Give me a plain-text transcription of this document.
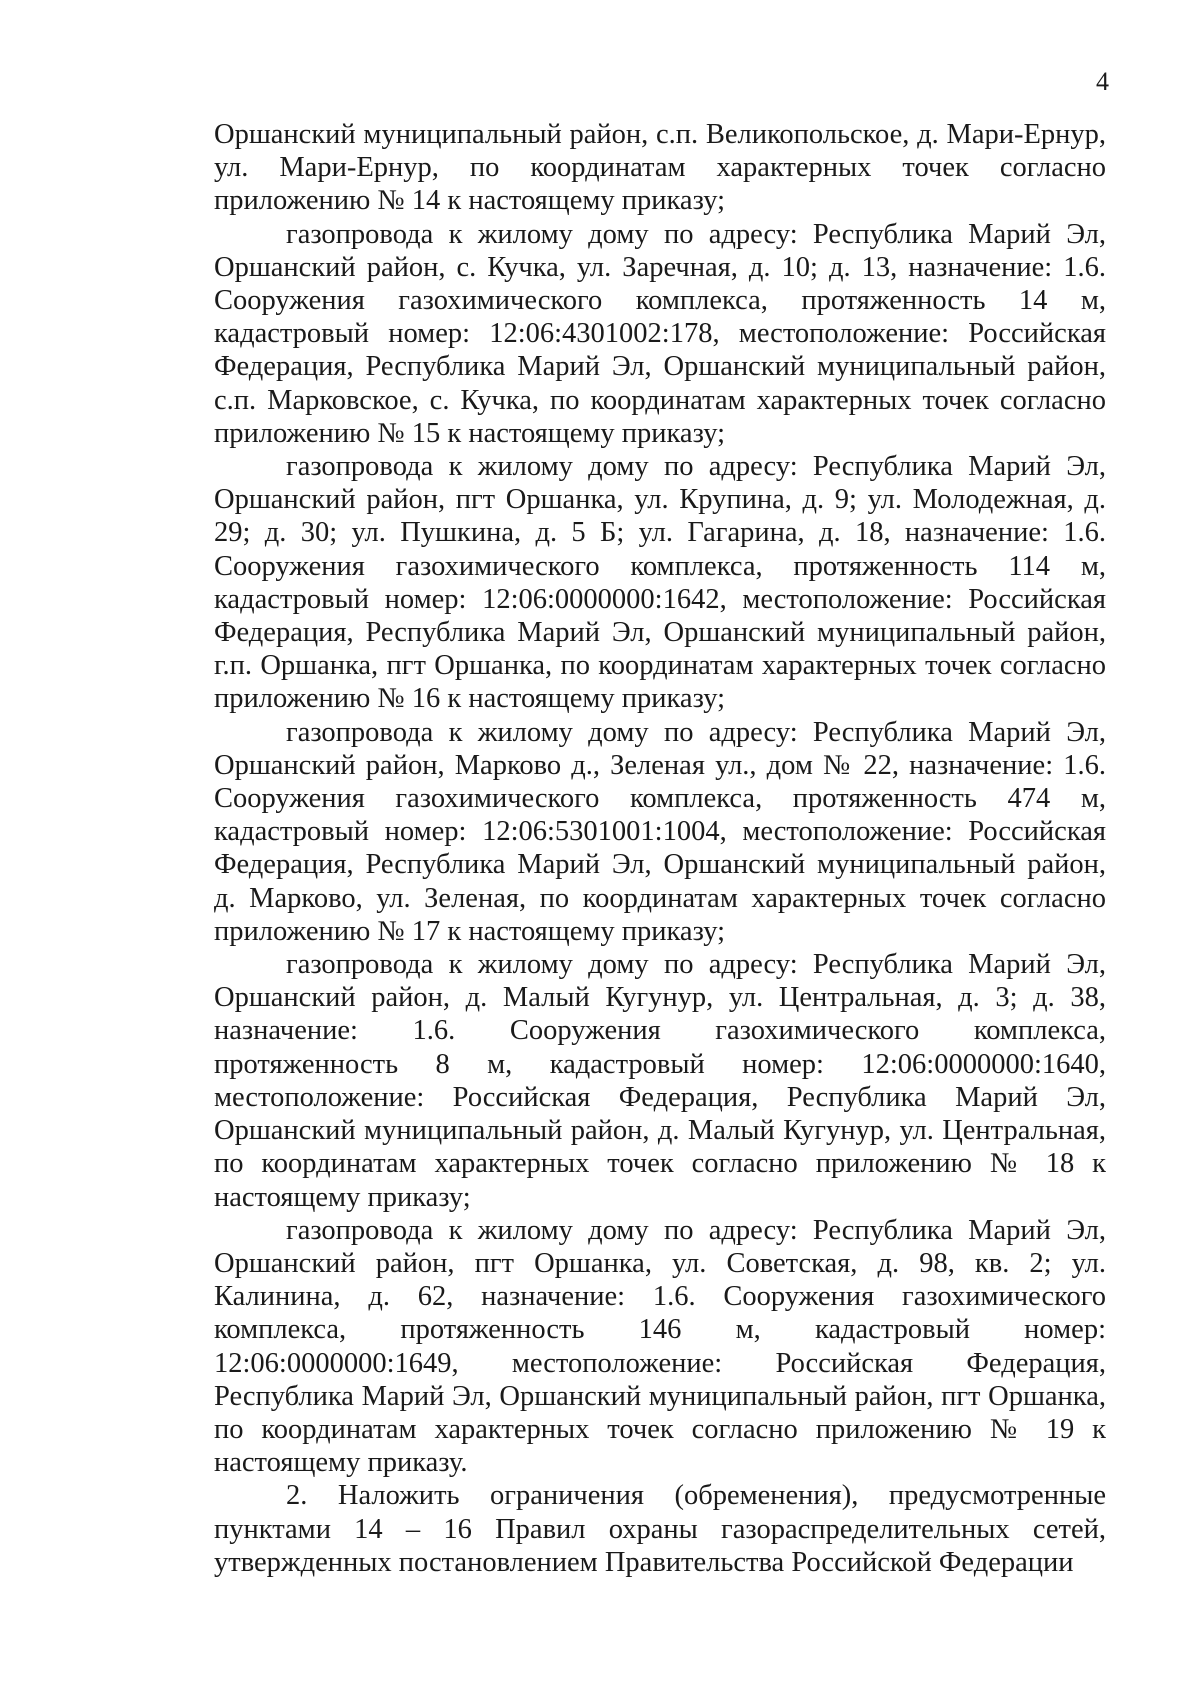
4

Оршанский муниципальный район, с.п. Великопольское, д. Мари-Ернур, ул. Мари-Ернур, по координатам характерных точек согласно приложению № 14 к настоящему приказу;

газопровода к жилому дому по адресу: Республика Марий Эл, Оршанский район, с. Кучка, ул. Заречная, д. 10; д. 13, назначение: 1.6. Сооружения газохимического комплекса, протяженность 14 м, кадастровый номер: 12:06:4301002:178, местоположение: Российская Федерация, Республика Марий Эл, Оршанский муниципальный район, с.п. Марковское, с. Кучка, по координатам характерных точек согласно приложению № 15 к настоящему приказу;

газопровода к жилому дому по адресу: Республика Марий Эл, Оршанский район, пгт Оршанка, ул. Крупина, д. 9; ул. Молодежная, д. 29; д. 30; ул. Пушкина, д. 5 Б; ул. Гагарина, д. 18, назначение: 1.6. Сооружения газохимического комплекса, протяженность 114 м, кадастровый номер: 12:06:0000000:1642, местоположение: Российская Федерация, Республика Марий Эл, Оршанский муниципальный район, г.п. Оршанка, пгт Оршанка, по координатам характерных точек согласно приложению № 16 к настоящему приказу;

газопровода к жилому дому по адресу: Республика Марий Эл, Оршанский район, Марково д., Зеленая ул., дом № 22, назначение: 1.6. Сооружения газохимического комплекса, протяженность 474 м, кадастровый номер: 12:06:5301001:1004, местоположение: Российская Федерация, Республика Марий Эл, Оршанский муниципальный район, д. Марково, ул. Зеленая, по координатам характерных точек согласно приложению № 17 к настоящему приказу;

газопровода к жилому дому по адресу: Республика Марий Эл, Оршанский район, д. Малый Кугунур, ул. Центральная, д. 3; д. 38, назначение: 1.6. Сооружения газохимического комплекса, протяженность 8 м, кадастровый номер: 12:06:0000000:1640, местоположение: Российская Федерация, Республика Марий Эл, Оршанский муниципальный район, д. Малый Кугунур, ул. Центральная, по координатам характерных точек согласно приложению № 18 к настоящему приказу;

газопровода к жилому дому по адресу: Республика Марий Эл, Оршанский район, пгт Оршанка, ул. Советская, д. 98, кв. 2; ул. Калинина, д. 62, назначение: 1.6. Сооружения газохимического комплекса, протяженность 146 м, кадастровый номер: 12:06:0000000:1649, местоположение: Российская Федерация, Республика Марий Эл, Оршанский муниципальный район, пгт Оршанка, по координатам характерных точек согласно приложению № 19 к настоящему приказу.

2. Наложить ограничения (обременения), предусмотренные пунктами 14 – 16 Правил охраны газораспределительных сетей, утвержденных постановлением Правительства Российской Федерации
